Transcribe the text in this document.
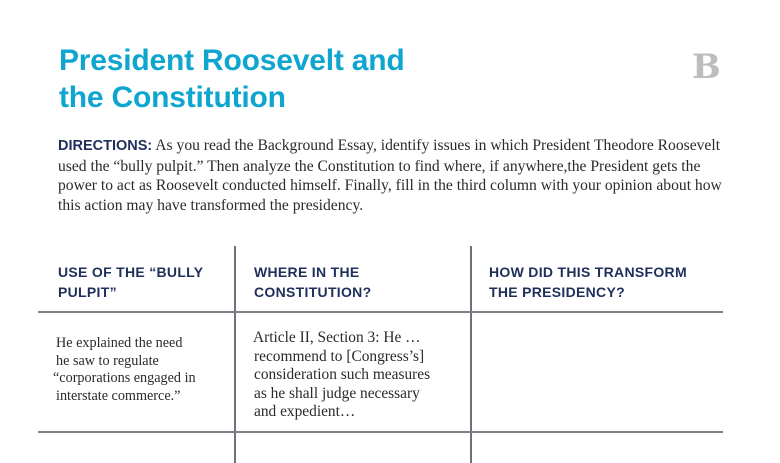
President Roosevelt and
the Constitution
B

DIRECTIONS: As you read the Background Essay, identify issues in which President Theodore Roosevelt used the “bully pulpit.” Then analyze the Constitution to find where, if anywhere,the President gets the power to act as Roosevelt conducted himself. Finally, fill in the third column with your opinion about how this action may have transformed the presidency.

USE OF THE “BULLY
PULPIT”
WHERE IN THE
CONSTITUTION?
HOW DID THIS TRANSFORM
THE PRESIDENCY?
He explained the need
he saw to regulate
“corporations engaged in
interstate commerce.”
Article II, Section 3: He …
recommend to [Congress’s]
consideration such measures
as he shall judge necessary
and expedient…
